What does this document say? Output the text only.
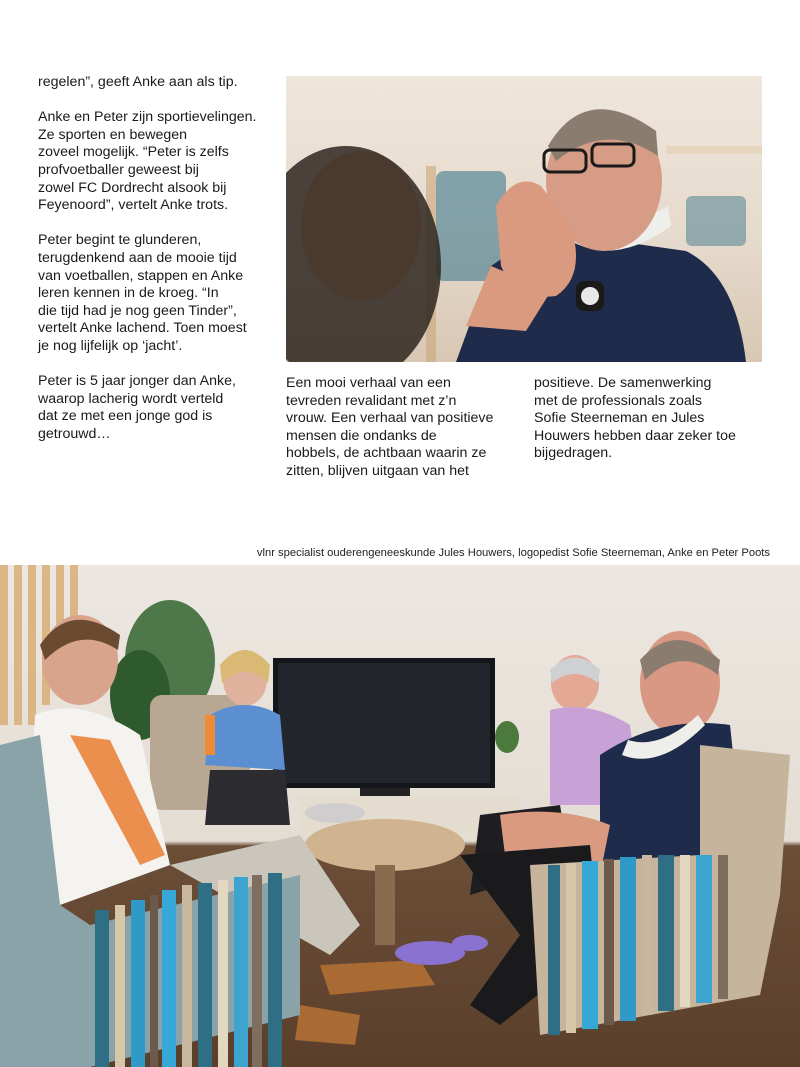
regelen”, geeft Anke aan als tip.

Anke en Peter zijn sportievelingen.
Ze sporten en bewegen
zoveel mogelijk. “Peter is zelfs
profvoetballer geweest bij
zowel FC Dordrecht alsook bij
Feyenoord”, vertelt Anke trots.

Peter begint te glunderen,
terugdenkend aan de mooie tijd
van voetballen, stappen en Anke
leren kennen in de kroeg. “In
die tijd had je nog geen Tinder”,
vertelt Anke lachend. Toen moest
je nog lijfelijk op ‘jacht’.

Peter is 5 jaar jonger dan Anke,
waarop lacherig wordt verteld
dat ze met een jonge god is
getrouwd…

Een mooi verhaal van een
tevreden revalidant met z’n
vrouw. Een verhaal van positieve
mensen die ondanks de
hobbels, de achtbaan waarin ze
zitten, blijven uitgaan van het
positieve. De samenwerking
met de professionals zoals
Sofie Steerneman en Jules
Houwers hebben daar zeker toe
bijgedragen.
vlnr specialist ouderengeneeskunde Jules Houwers, logopedist Sofie Steerneman, Anke en Peter Poots
